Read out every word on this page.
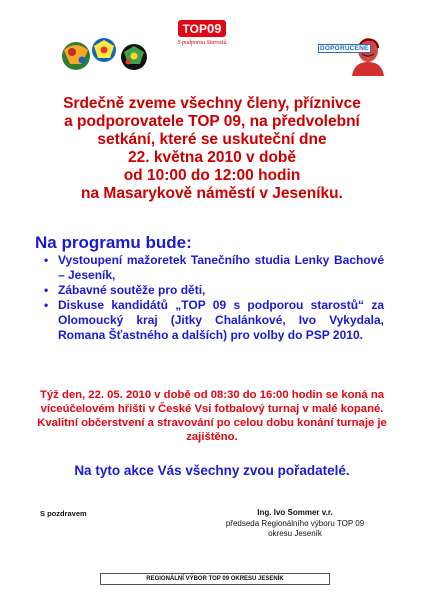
TOP09
S podporou Starostů
DOPORUČENÉ
Srdečně zveme všechny členy, příznivce
a podporovatele TOP 09, na předvolební
setkání, které se uskuteční dne
22. května 2010 v době
od 10:00 do 12:00 hodin
na Masarykově náměstí v Jeseníku.
Na programu bude:
• Vystoupení mažoretek Tanečního studia Lenky Bachové – Jeseník,
• Zábavné soutěže pro děti,
• Diskuse kandidátů „TOP 09 s podporou starostů“ za Olomoucký kraj (Jitky Chalánkové, Ivo Vykydala, Romana Šťastného a dalších) pro volby do PSP 2010.
Týž den, 22. 05. 2010 v době od 08:30 do 16:00 hodin se koná na víceúčelovém hřišti v České Vsi fotbalový turnaj v malé kopané. Kvalitní občerstvení a stravování po celou dobu konání turnaje je zajištěno.
Na tyto akce Vás všechny zvou pořadatelé.
S pozdravem	Ing. Ivo Sommer v.r.
předseda Regionálního výboru TOP 09
okresu Jeseník
REGIONÁLNÍ VÝBOR TOP 09 OKRESU JESENÍK
